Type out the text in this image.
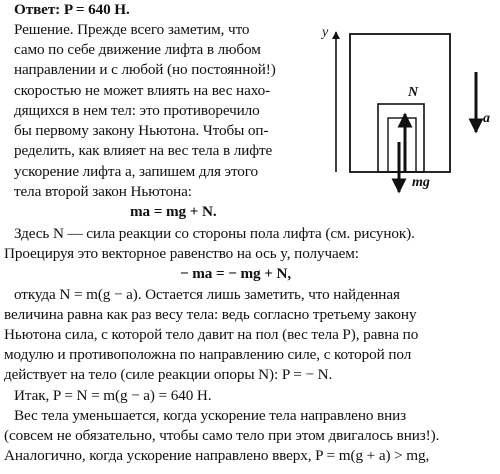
Ответ: P = 640 Н.
Решение. Прежде всего заметим, что
само по себе движение лифта в любом
направлении и с любой (но постоянной!)
скоростью не может влиять на вес нахо-
дящихся в нем тел: это противоречило
бы первому закону Ньютона. Чтобы оп-
ределить, как влияет на вес тела в лифте
ускорение лифта a, запишем для этого
тела второй закон Ньютона:
ma = mg + N.
Здесь N — сила реакции со стороны пола лифта (см. рисунок).
Проецируя это векторное равенство на ось y, получаем:
− ma = − mg + N,
откуда N = m(g − a). Остается лишь заметить, что найденная
величина равна как раз весу тела: ведь согласно третьему закону
Ньютона сила, с которой тело давит на пол (вес тела P), равна по
модулю и противоположна по направлению силе, с которой пол
действует на тело (силе реакции опоры N): P = − N.
Итак, P = N = m(g − a) = 640 Н.
Вес тела уменьшается, когда ускорение тела направлено вниз
(совсем не обязательно, чтобы само тело при этом двигалось вниз!).
Аналогично, когда ускорение направлено вверх, P = m(g + a) > mg,
y
N
mg
a
